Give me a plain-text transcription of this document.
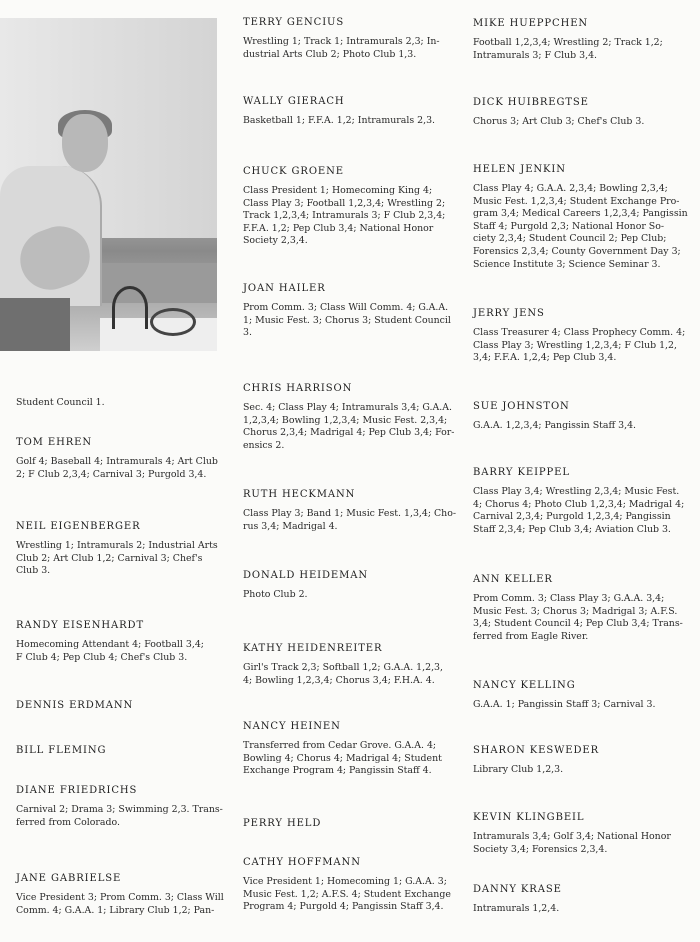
Student Council 1.
TOM EHREN
Golf 4; Baseball 4; Intramurals 4; Art Club
2; F Club 2,3,4; Carnival 3; Purgold 3,4.
NEIL EIGENBERGER
Wrestling 1; Intramurals 2; Industrial Arts
Club 2; Art Club 1,2; Carnival 3; Chef's
Club 3.
RANDY EISENHARDT
Homecoming Attendant 4; Football 3,4;
F Club 4; Pep Club 4; Chef's Club 3.
DENNIS ERDMANN
BILL FLEMING
DIANE FRIEDRICHS
Carnival 2; Drama 3; Swimming 2,3. Trans-
ferred from Colorado.
JANE GABRIELSE
Vice President 3; Prom Comm. 3; Class Will
Comm. 4; G.A.A. 1; Library Club 1,2; Pan-
TERRY GENCIUS
Wrestling 1; Track 1; Intramurals 2,3; In-
dustrial Arts Club 2; Photo Club 1,3.
WALLY GIERACH
Basketball 1; F.F.A. 1,2; Intramurals 2,3.
CHUCK GROENE
Class President 1; Homecoming King 4;
Class Play 3; Football 1,2,3,4; Wrestling 2;
Track 1,2,3,4; Intramurals 3; F Club 2,3,4;
F.F.A. 1,2; Pep Club 3,4; National Honor
Society 2,3,4.
JOAN HAILER
Prom Comm. 3; Class Will Comm. 4; G.A.A.
1; Music Fest. 3; Chorus 3; Student Council
3.
CHRIS HARRISON
Sec. 4; Class Play 4; Intramurals 3,4; G.A.A.
1,2,3,4; Bowling 1,2,3,4; Music Fest. 2,3,4;
Chorus 2,3,4; Madrigal 4; Pep Club 3,4; For-
ensics 2.
RUTH HECKMANN
Class Play 3; Band 1; Music Fest. 1,3,4; Cho-
rus 3,4; Madrigal 4.
DONALD HEIDEMAN
Photo Club 2.
KATHY HEIDENREITER
Girl's Track 2,3; Softball 1,2; G.A.A. 1,2,3,
4; Bowling 1,2,3,4; Chorus 3,4; F.H.A. 4.
NANCY HEINEN
Transferred from Cedar Grove. G.A.A. 4;
Bowling 4; Chorus 4; Madrigal 4; Student
Exchange Program 4; Pangissin Staff 4.
PERRY HELD
CATHY HOFFMANN
Vice President 1; Homecoming 1; G.A.A. 3;
Music Fest. 1,2; A.F.S. 4; Student Exchange
Program 4; Purgold 4; Pangissin Staff 3,4.
MIKE HUEPPCHEN
Football 1,2,3,4; Wrestling 2; Track 1,2;
Intramurals 3; F Club 3,4.
DICK HUIBREGTSE
Chorus 3; Art Club 3; Chef's Club 3.
HELEN JENKIN
Class Play 4; G.A.A. 2,3,4; Bowling 2,3,4;
Music Fest. 1,2,3,4; Student Exchange Pro-
gram 3,4; Medical Careers 1,2,3,4; Pangissin
Staff 4; Purgold 2,3; National Honor So-
ciety 2,3,4; Student Council 2; Pep Club;
Forensics 2,3,4; County Government Day 3;
Science Institute 3; Science Seminar 3.
JERRY JENS
Class Treasurer 4; Class Prophecy Comm. 4;
Class Play 3; Wrestling 1,2,3,4; F Club 1,2,
3,4; F.F.A. 1,2,4; Pep Club 3,4.
SUE JOHNSTON
G.A.A. 1,2,3,4; Pangissin Staff 3,4.
BARRY KEIPPEL
Class Play 3,4; Wrestling 2,3,4; Music Fest.
4; Chorus 4; Photo Club 1,2,3,4; Madrigal 4;
Carnival 2,3,4; Purgold 1,2,3,4; Pangissin
Staff 2,3,4; Pep Club 3,4; Aviation Club 3.
ANN KELLER
Prom Comm. 3; Class Play 3; G.A.A. 3,4;
Music Fest. 3; Chorus 3; Madrigal 3; A.F.S.
3,4; Student Council 4; Pep Club 3,4; Trans-
ferred from Eagle River.
NANCY KELLING
G.A.A. 1; Pangissin Staff 3; Carnival 3.
SHARON KESWEDER
Library Club 1,2,3.
KEVIN KLINGBEIL
Intramurals 3,4; Golf 3,4; National Honor
Society 3,4; Forensics 2,3,4.
DANNY KRASE
Intramurals 1,2,4.
